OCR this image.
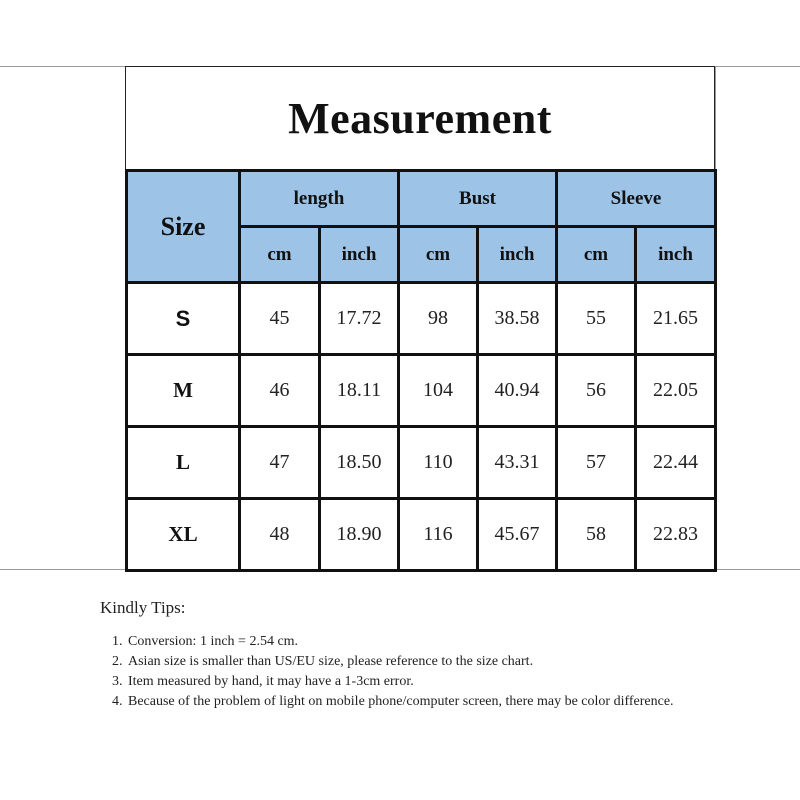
Measurement
Size	length		Bust		Sleeve	
	cm	inch	cm	inch	cm	inch
S	45	17.72	98	38.58	55	21.65
M	46	18.11	104	40.94	56	22.05
L	47	18.50	110	43.31	57	22.44
XL	48	18.90	116	45.67	58	22.83
Kindly Tips:
1. Conversion: 1 inch = 2.54 cm.
2. Asian size is smaller than US/EU size, please reference to the size chart.
3. Item measured by hand, it may have a 1-3cm error.
4. Because of the problem of light on mobile phone/computer screen, there may be color difference.
